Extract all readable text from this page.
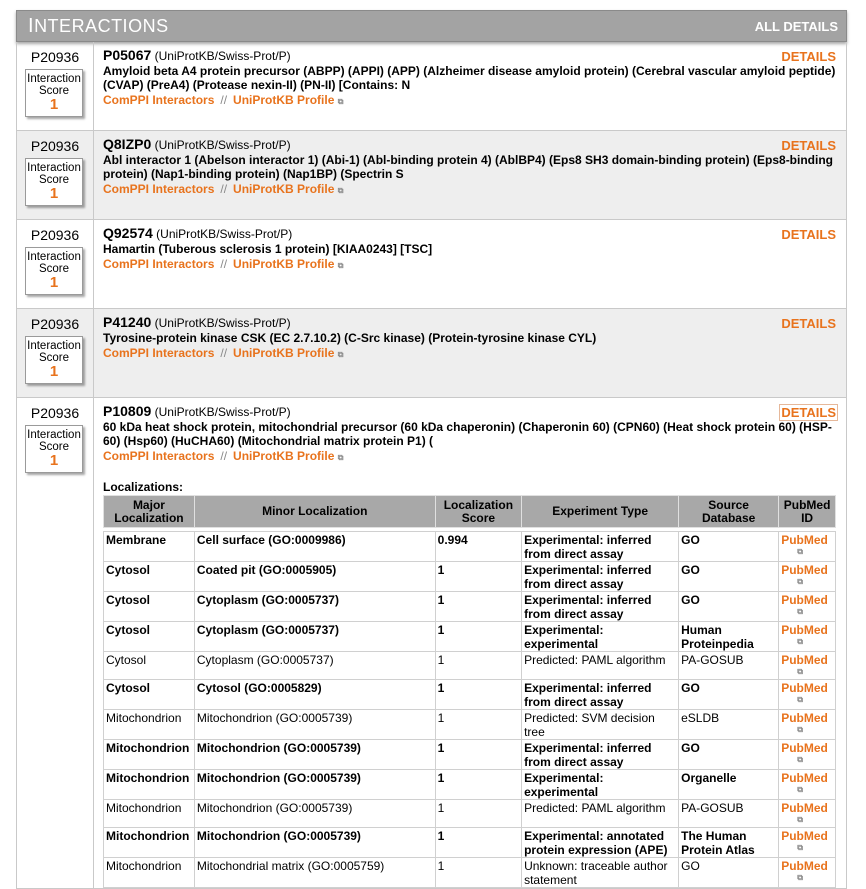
INTERACTIONS	ALL DETAILS
P20936
Interaction
Score
1
DETAILS
P05067 (UniProtKB/Swiss-Prot/P)
Amyloid beta A4 protein precursor (ABPP) (APPI) (APP) (Alzheimer disease amyloid protein) (Cerebral vascular amyloid peptide) (CVAP) (PreA4) (Protease nexin-II) (PN-II) [Contains: N
ComPPI Interactors // UniProtKB Profile ⧉
P20936
Interaction
Score
1
DETAILS
Q8IZP0 (UniProtKB/Swiss-Prot/P)
Abl interactor 1 (Abelson interactor 1) (Abi-1) (Abl-binding protein 4) (AblBP4) (Eps8 SH3 domain-binding protein) (Eps8-binding protein) (Nap1-binding protein) (Nap1BP) (Spectrin S
ComPPI Interactors // UniProtKB Profile ⧉
P20936
Interaction
Score
1
DETAILS
Q92574 (UniProtKB/Swiss-Prot/P)
Hamartin (Tuberous sclerosis 1 protein) [KIAA0243] [TSC]
ComPPI Interactors // UniProtKB Profile ⧉
P20936
Interaction
Score
1
DETAILS
P41240 (UniProtKB/Swiss-Prot/P)
Tyrosine-protein kinase CSK (EC 2.7.10.2) (C-Src kinase) (Protein-tyrosine kinase CYL)
ComPPI Interactors // UniProtKB Profile ⧉
P20936
Interaction
Score
1
DETAILS
P10809 (UniProtKB/Swiss-Prot/P)
60 kDa heat shock protein, mitochondrial precursor (60 kDa chaperonin) (Chaperonin 60) (CPN60) (Heat shock protein 60) (HSP-60) (Hsp60) (HuCHA60) (Mitochondrial matrix protein P1) (
ComPPI Interactors // UniProtKB Profile ⧉
Localizations:
Major Localization	Minor Localization	Localization Score	Experiment Type	Source Database	PubMed ID

Membrane	Cell surface (GO:0009986)	0.994	Experimental: inferred from direct assay	GO	PubMed
⧉

Cytosol	Coated pit (GO:0005905)	1	Experimental: inferred from direct assay	GO	PubMed
⧉

Cytosol	Cytoplasm (GO:0005737)	1	Experimental: inferred from direct assay	GO	PubMed
⧉

Cytosol	Cytoplasm (GO:0005737)	1	Experimental: experimental	Human Proteinpedia	PubMed
⧉

Cytosol	Cytoplasm (GO:0005737)	1	Predicted: PAML algorithm	PA-GOSUB	PubMed
⧉

Cytosol	Cytosol (GO:0005829)	1	Experimental: inferred from direct assay	GO	PubMed
⧉

Mitochondrion	Mitochondrion (GO:0005739)	1	Predicted: SVM decision tree	eSLDB	PubMed
⧉

Mitochondrion	Mitochondrion (GO:0005739)	1	Experimental: inferred from direct assay	GO	PubMed
⧉

Mitochondrion	Mitochondrion (GO:0005739)	1	Experimental: experimental	Organelle	PubMed
⧉

Mitochondrion	Mitochondrion (GO:0005739)	1	Predicted: PAML algorithm	PA-GOSUB	PubMed
⧉

Mitochondrion	Mitochondrion (GO:0005739)	1	Experimental: annotated protein expression (APE)	The Human Protein Atlas	PubMed
⧉

Mitochondrion	Mitochondrial matrix (GO:0005759)	1	Unknown: traceable author statement	GO	PubMed
⧉
